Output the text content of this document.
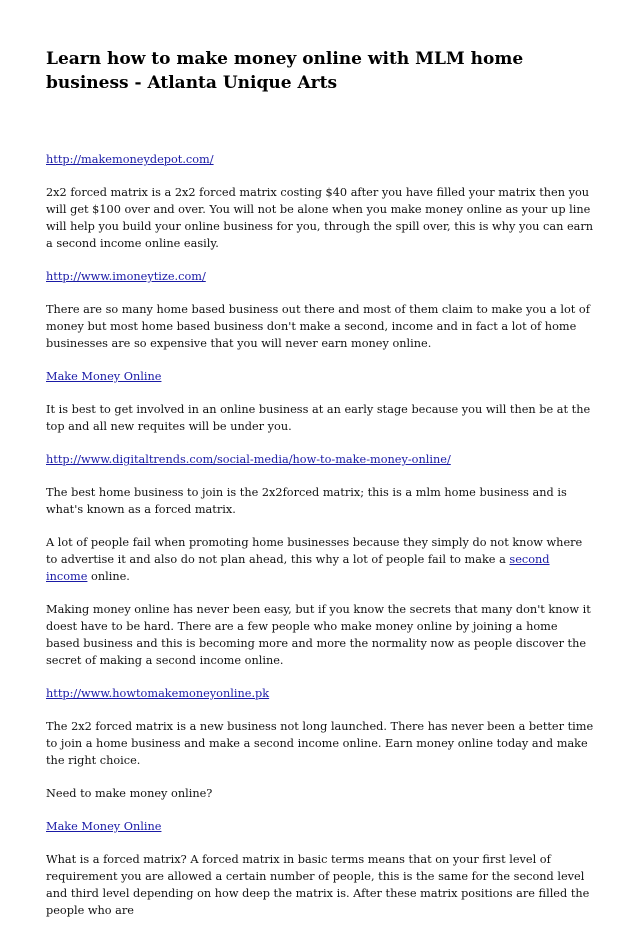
Learn how to make money online with MLM home business - Atlanta Unique Arts

http://makemoneydepot.com/

2x2 forced matrix is a 2x2 forced matrix costing $40 after you have filled your matrix then you will get $100 over and over. You will not be alone when you make money online as your up line will help you build your online business for you, through the spill over, this is why you can earn a second income online easily.

http://www.imoneytize.com/

There are so many home based business out there and most of them claim to make you a lot of money but most home based business don't make a second, income and in fact a lot of home businesses are so expensive that you will never earn money online.

Make Money Online

It is best to get involved in an online business at an early stage because you will then be at the top and all new requites will be under you.

http://www.digitaltrends.com/social-media/how-to-make-money-online/

The best home business to join is the 2x2forced matrix; this is a mlm home business and is what's known as a forced matrix.

A lot of people fail when promoting home businesses because they simply do not know where to advertise it and also do not plan ahead, this why a lot of people fail to make a second income online.

Making money online has never been easy, but if you know the secrets that many don't know it doest have to be hard. There are a few people who make money online by joining a home based business and this is becoming more and more the normality now as people discover the secret of making a second income online.

http://www.howtomakemoneyonline.pk

The 2x2 forced matrix is a new business not long launched. There has never been a better time to join a home business and make a second income online. Earn money online today and make the right choice.

Need to make money online?

Make Money Online

What is a forced matrix? A forced matrix in basic terms means that on your first level of requirement you are allowed a certain number of people, this is the same for the second level and third level depending on how deep the matrix is. After these matrix positions are filled the people who are
